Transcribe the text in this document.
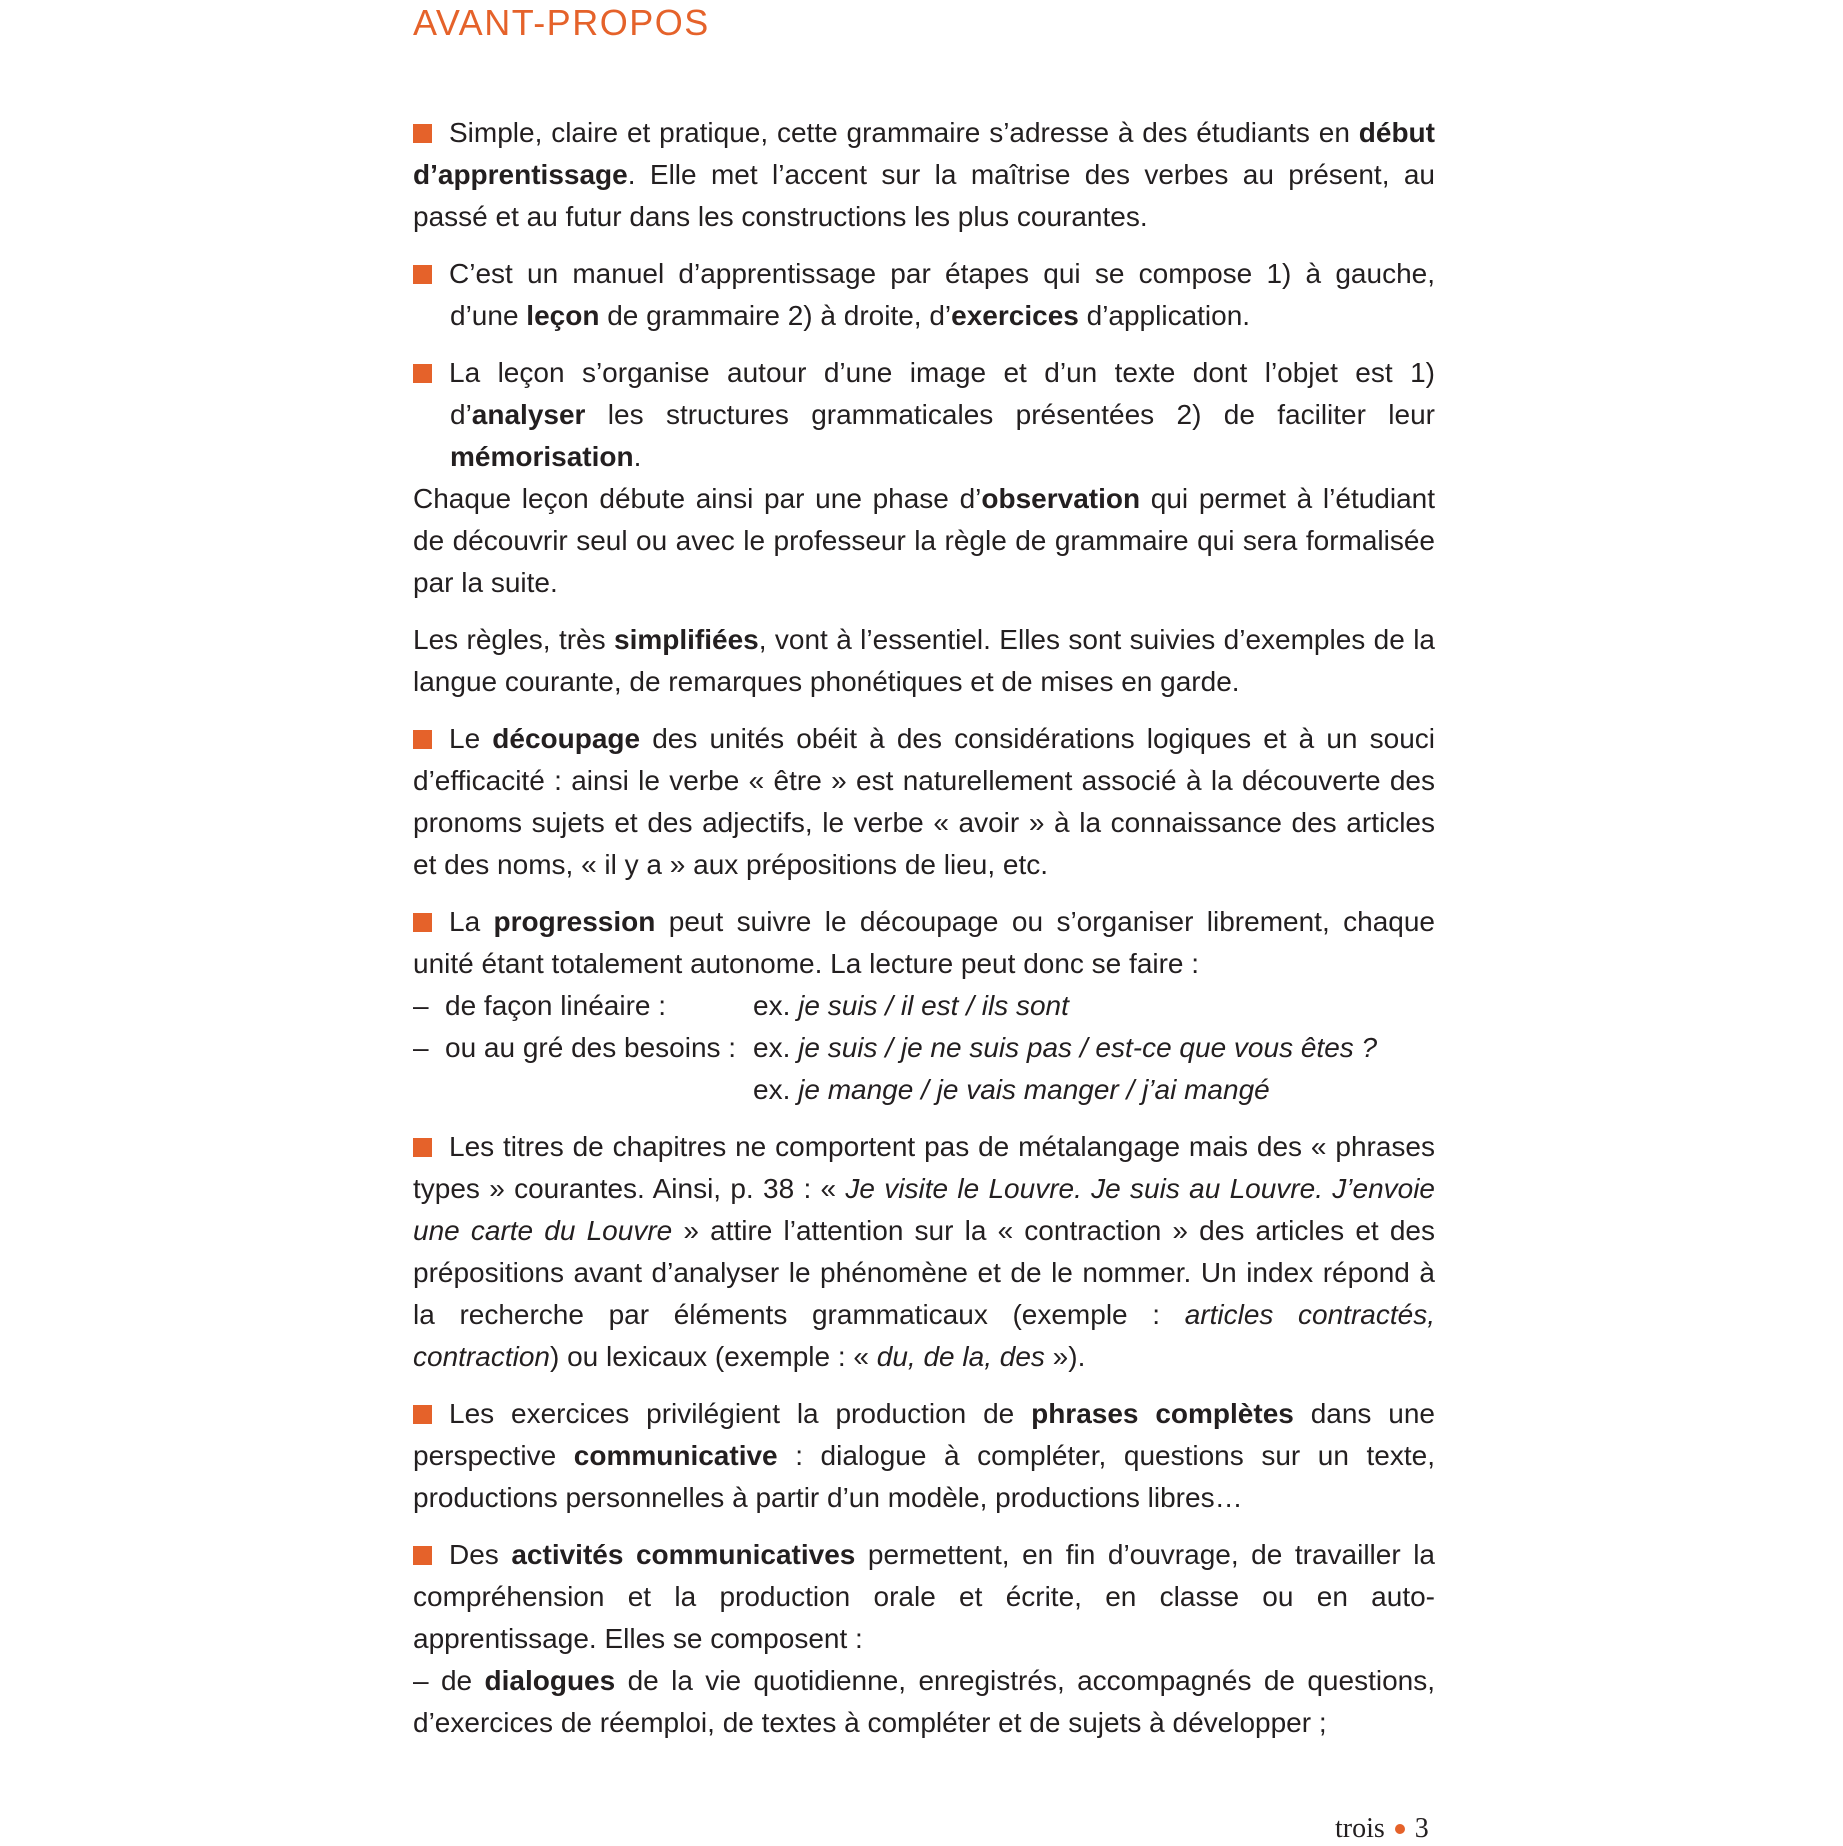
AVANT-PROPOS

Simple, claire et pratique, cette grammaire s’adresse à des étudiants en début d’apprentissage. Elle met l’accent sur la maîtrise des verbes au présent, au passé et au futur dans les constructions les plus courantes.

C’est un manuel d’apprentissage par étapes qui se compose 1) à gauche, d’une leçon de grammaire 2) à droite, d’exercices d’application.

La leçon s’organise autour d’une image et d’un texte dont l’objet est 1) d’analyser les structures grammaticales présentées 2) de faciliter leur mémorisation.

Chaque leçon débute ainsi par une phase d’observation qui permet à l’étudiant de découvrir seul ou avec le professeur la règle de grammaire qui sera formalisée par la suite.

Les règles, très simplifiées, vont à l’essentiel. Elles sont suivies d’exemples de la langue courante, de remarques phonétiques et de mises en garde.

Le découpage des unités obéit à des considérations logiques et à un souci d’efficacité : ainsi le verbe « être » est naturellement associé à la découverte des pronoms sujets et des adjectifs, le verbe « avoir » à la connaissance des articles et des noms, « il y a » aux prépositions de lieu, etc.

La progression peut suivre le découpage ou s’organiser librement, chaque unité étant totalement autonome. La lecture peut donc se faire :

– de façon linéaire :	ex. je suis / il est / ils sont
– ou au gré des besoins : ex. je suis / je ne suis pas / est-ce que vous êtes ?
ex. je mange / je vais manger / j’ai mangé

Les titres de chapitres ne comportent pas de métalangage mais des « phrases types » courantes. Ainsi, p. 38 : « Je visite le Louvre. Je suis au Louvre. J’envoie une carte du Louvre » attire l’attention sur la « contraction » des articles et des prépositions avant d’analyser le phénomène et de le nommer. Un index répond à la recherche par éléments grammaticaux (exemple : articles contractés, contraction) ou lexicaux (exemple : « du, de la, des »).

Les exercices privilégient la production de phrases complètes dans une perspective communicative : dialogue à compléter, questions sur un texte, productions personnelles à partir d’un modèle, productions libres…

Des activités communicatives permettent, en fin d’ouvrage, de travailler la compréhension et la production orale et écrite, en classe ou en auto-apprentissage. Elles se composent :

– de dialogues de la vie quotidienne, enregistrés, accompagnés de questions, d’exercices de réemploi, de textes à compléter et de sujets à développer ;

trois 3
